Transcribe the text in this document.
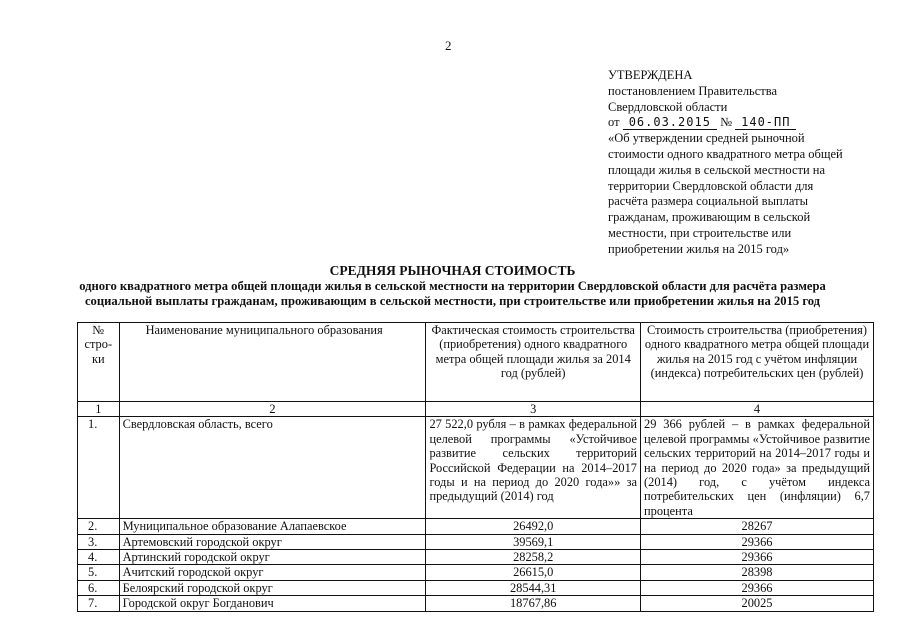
2
УТВЕРЖДЕНА
постановлением Правительства
Свердловской области
от 06.03.2015 № 140-ПП
«Об утверждении средней рыночной стоимости одного квадратного метра общей площади жилья в сельской местности на территории Свердловской области для расчёта размера социальной выплаты гражданам, проживающим в сельской местности, при строительстве или приобретении жилья на 2015 год»
СРЕДНЯЯ РЫНОЧНАЯ СТОИМОСТЬ
одного квадратного метра общей площади жилья в сельской местности на территории Свердловской области для расчёта размера
социальной выплаты гражданам, проживающим в сельской местности, при строительстве или приобретении жилья на 2015 год
№ стро-ки	Наименование муниципального образования	Фактическая стоимость строительства (приобретения) одного квадратного метра общей площади жилья за 2014 год (рублей)	Стоимость строительства (приобретения) одного квадратного метра общей площади жилья на 2015 год с учётом инфляции (индекса) потребительских цен (рублей)
1	2	3	4
1.	Свердловская область, всего	27 522,0 рубля – в рамках федеральной целевой программы «Устойчивое развитие сельских территорий Российской Федерации на 2014–2017 годы и на период до 2020 года»» за предыдущий (2014) год	29 366 рублей – в рамках федеральной целевой программы «Устойчивое развитие сельских территорий на 2014–2017 годы и на период до 2020 года» за предыдущий (2014) год, с учётом индекса потребительских цен (инфляции) 6,7 процента
2.	Муниципальное образование Алапаевское	26492,0	28267
3.	Артемовский городской округ	39569,1	29366
4.	Артинский городской округ	28258,2	29366
5.	Ачитский городской округ	26615,0	28398
6.	Белоярский городской округ	28544,31	29366
7.	Городской округ Богданович	18767,86	20025
